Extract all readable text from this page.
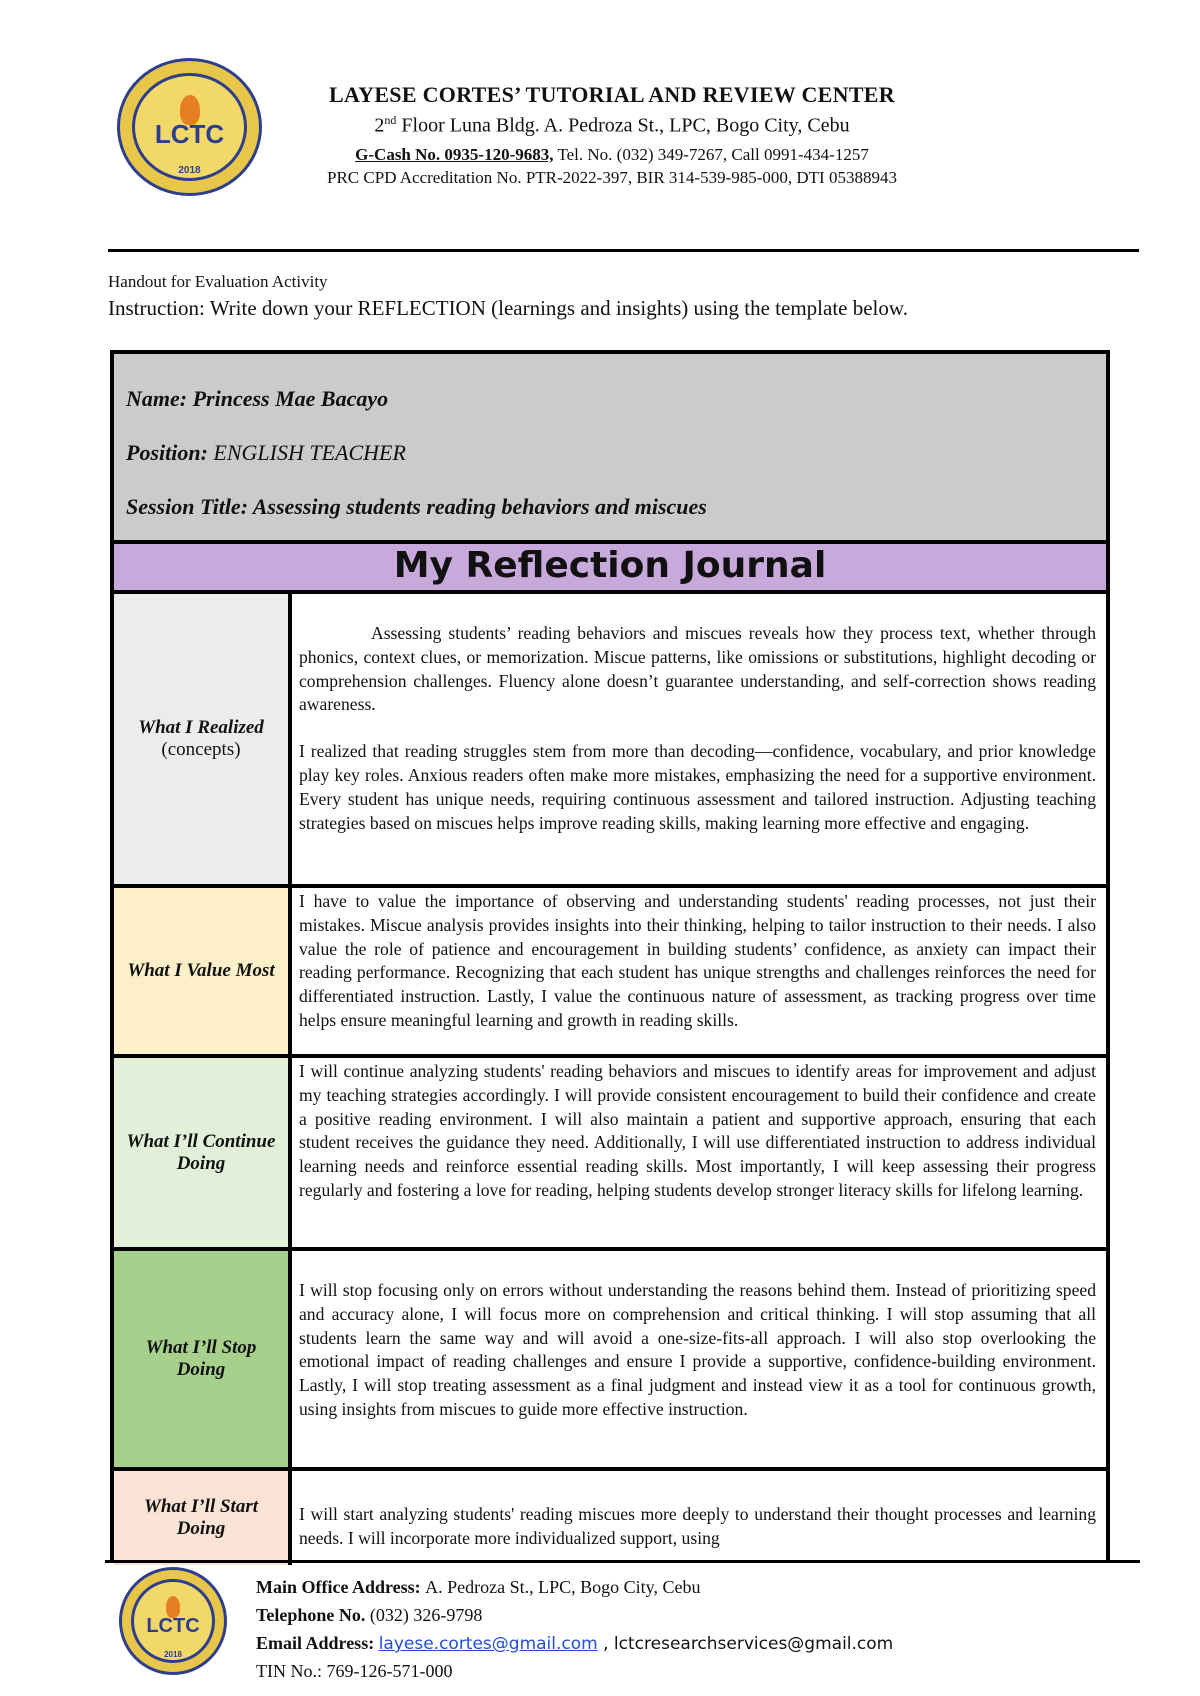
LCTC
2018
LAYESE CORTES’ TUTORIAL AND REVIEW CENTER
2nd Floor Luna Bldg. A. Pedroza St., LPC, Bogo City, Cebu
G-Cash No. 0935-120-9683, Tel. No. (032) 349-7267, Call 0991-434-1257
PRC CPD Accreditation No. PTR-2022-397, BIR 314-539-985-000, DTI 05388943
Handout for Evaluation Activity
Instruction: Write down your REFLECTION (learnings and insights) using the template below.
Name: Princess Mae Bacayo
Position: ENGLISH TEACHER
Session Title: Assessing students reading behaviors and miscues
My Reflection Journal
What I Realized
(concepts)

Assessing students’ reading behaviors and miscues reveals how they process text, whether through phonics, context clues, or memorization. Miscue patterns, like omissions or substitutions, highlight decoding or comprehension challenges. Fluency alone doesn’t guarantee understanding, and self-correction shows reading awareness.

I realized that reading struggles stem from more than decoding—confidence, vocabulary, and prior knowledge play key roles. Anxious readers often make more mistakes, emphasizing the need for a supportive environment. Every student has unique needs, requiring continuous assessment and tailored instruction. Adjusting teaching strategies based on miscues helps improve reading skills, making learning more effective and engaging.

What I Value Most

I have to value the importance of observing and understanding students' reading processes, not just their mistakes. Miscue analysis provides insights into their thinking, helping to tailor instruction to their needs. I also value the role of patience and encouragement in building students’ confidence, as anxiety can impact their reading performance. Recognizing that each student has unique strengths and challenges reinforces the need for differentiated instruction. Lastly, I value the continuous nature of assessment, as tracking progress over time helps ensure meaningful learning and growth in reading skills.

What I’ll Continue Doing

I will continue analyzing students' reading behaviors and miscues to identify areas for improvement and adjust my teaching strategies accordingly. I will provide consistent encouragement to build their confidence and create a positive reading environment. I will also maintain a patient and supportive approach, ensuring that each student receives the guidance they need. Additionally, I will use differentiated instruction to address individual learning needs and reinforce essential reading skills. Most importantly, I will keep assessing their progress regularly and fostering a love for reading, helping students develop stronger literacy skills for lifelong learning.

What I’ll Stop Doing

I will stop focusing only on errors without understanding the reasons behind them. Instead of prioritizing speed and accuracy alone, I will focus more on comprehension and critical thinking. I will stop assuming that all students learn the same way and will avoid a one-size-fits-all approach. I will also stop overlooking the emotional impact of reading challenges and ensure I provide a supportive, confidence-building environment. Lastly, I will stop treating assessment as a final judgment and instead view it as a tool for continuous growth, using insights from miscues to guide more effective instruction.

What I’ll Start Doing

I will start analyzing students' reading miscues more deeply to understand their thought processes and learning needs. I will incorporate more individualized support, using

LCTC
2018
Main Office Address: A. Pedroza St., LPC, Bogo City, Cebu
Telephone No. (032) 326-9798
Email Address: layese.cortes@gmail.com , lctcresearchservices@gmail.com
TIN No.: 769-126-571-000
